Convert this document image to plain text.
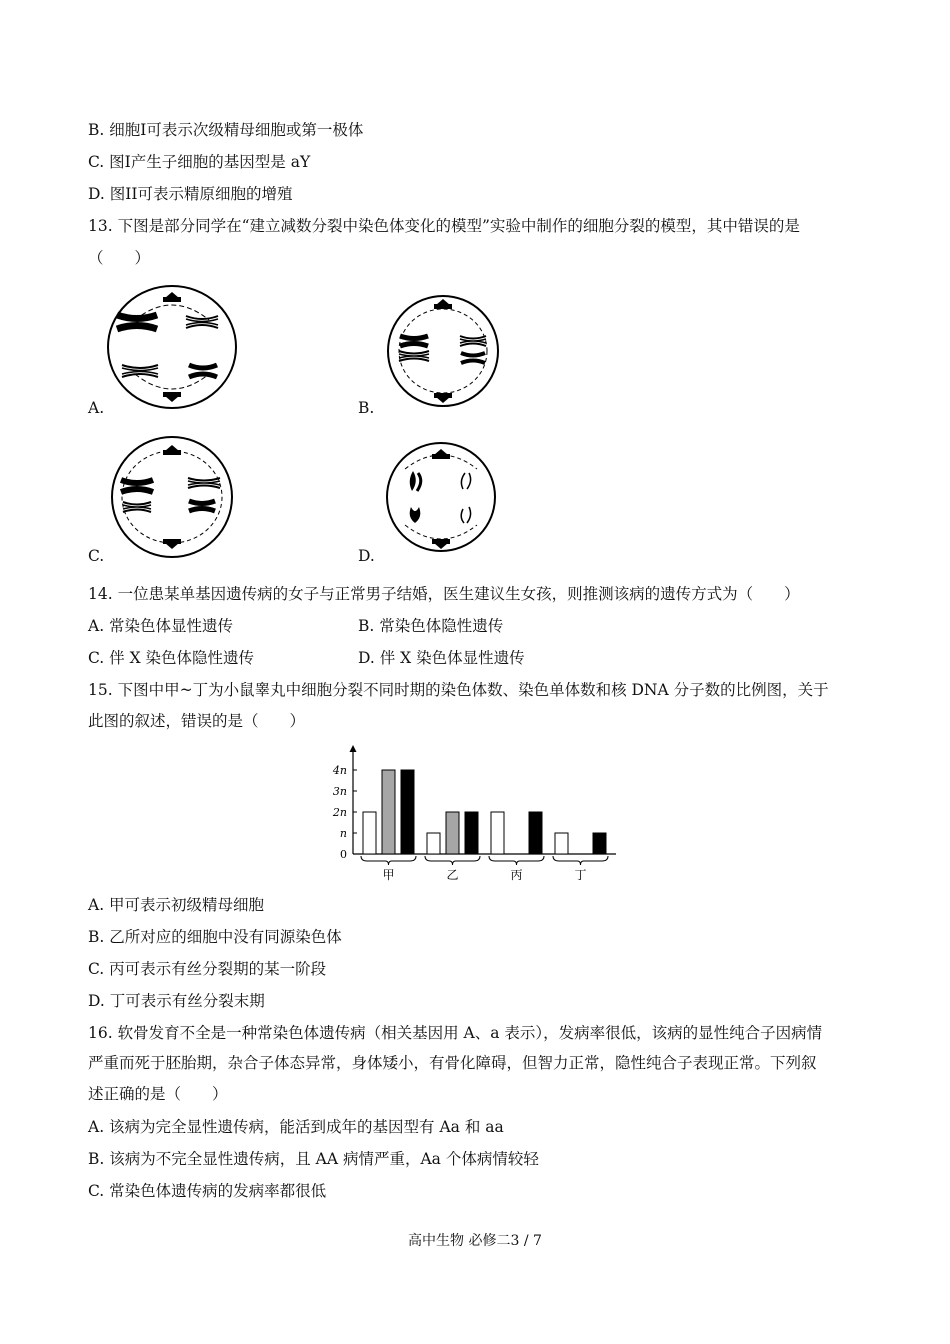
B. 细胞I可表示次级精母细胞或第一极体
C. 图I产生子细胞的基因型是 aY
D. 图II可表示精原细胞的增殖
13. 下图是部分同学在“建立减数分裂中染色体变化的模型”实验中制作的细胞分裂的模型，其中错误的是
（　　）
A.	B.
C.	D.
14. 一位患某单基因遗传病的女子与正常男子结婚，医生建议生女孩，则推测该病的遗传方式为（　　）
A. 常染色体显性遗传	B. 常染色体隐性遗传
C. 伴 X 染色体隐性遗传	D. 伴 X 染色体显性遗传
15. 下图中甲~丁为小鼠睾丸中细胞分裂不同时期的染色体数、染色单体数和核 DNA 分子数的比例图，关于
此图的叙述，错误的是（　　）
0
n
2n
3n
4n
甲	乙	丙	丁
A. 甲可表示初级精母细胞
B. 乙所对应的细胞中没有同源染色体
C. 丙可表示有丝分裂期的某一阶段
D. 丁可表示有丝分裂末期
16. 软骨发育不全是一种常染色体遗传病（相关基因用 A、a 表示），发病率很低，该病的显性纯合子因病情
严重而死于胚胎期，杂合子体态异常，身体矮小，有骨化障碍，但智力正常，隐性纯合子表现正常。下列叙
述正确的是（　　）
A. 该病为完全显性遗传病，能活到成年的基因型有 Aa 和 aa
B. 该病为不完全显性遗传病，且 AA 病情严重，Aa 个体病情较轻
C. 常染色体遗传病的发病率都很低
高中生物 必修二3 / 7
